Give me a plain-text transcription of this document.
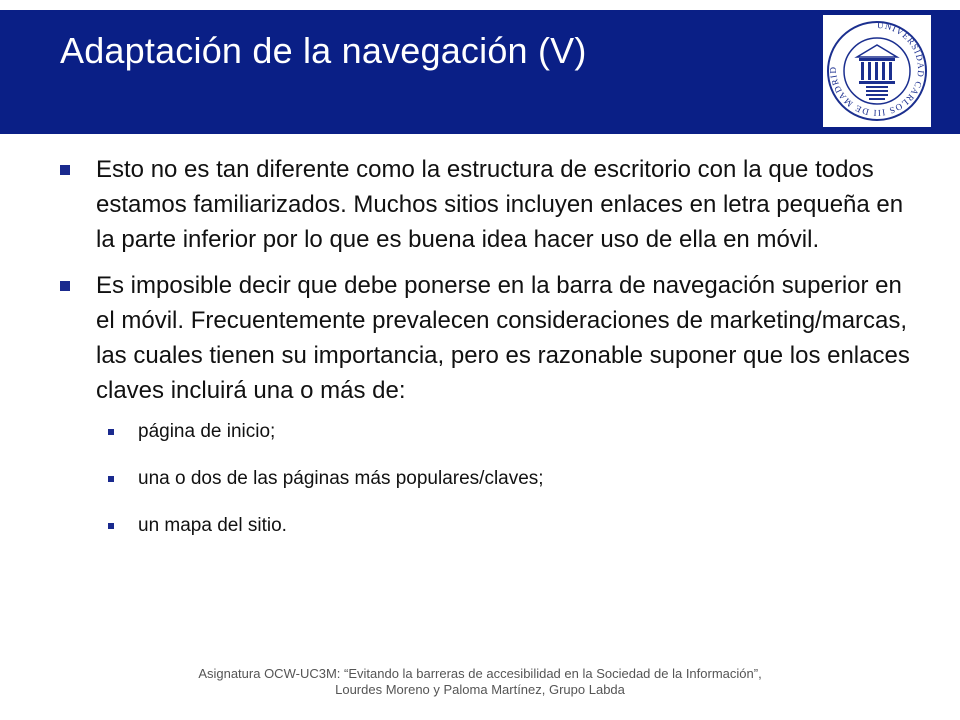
Adaptación de la navegación (V)
UNIVERSIDAD CARLOS III DE MADRID
Esto no es tan diferente como la estructura de escritorio con la que todos estamos familiarizados. Muchos sitios incluyen enlaces en letra pequeña en la parte inferior por lo que es buena idea hacer uso de ella en móvil.
Es imposible decir que debe ponerse en la barra de navegación superior en el móvil. Frecuentemente prevalecen consideraciones de marketing/marcas, las cuales tienen su importancia, pero es razonable suponer que los enlaces claves incluirá una o más de:
página de inicio;
una o dos de las páginas más populares/claves;
un mapa del sitio.
Asignatura OCW-UC3M: “Evitando la barreras de accesibilidad en la Sociedad de la Información”,
Lourdes Moreno y Paloma Martínez, Grupo Labda
